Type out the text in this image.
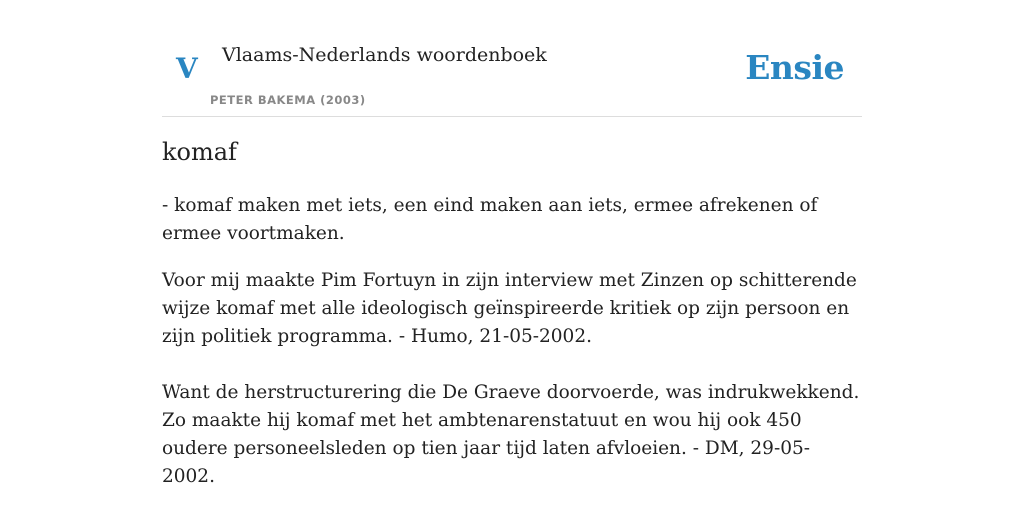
V Vlaams-Nederlands woordenboek
PETER BAKEMA (2003)
Ensie
komaf

- komaf maken met iets, een eind maken aan iets, ermee afrekenen of ermee voortmaken.

Voor mij maakte Pim Fortuyn in zijn interview met Zinzen op schitterende wijze komaf met alle ideologisch geïnspireerde kritiek op zijn persoon en zijn politiek programma. - Humo, 21-05-2002.

Want de herstructurering die De Graeve doorvoerde, was indrukwekkend. Zo maakte hij komaf met het ambtenarenstatuut en wou hij ook 450 oudere personeelsleden op tien jaar tijd laten afvloeien. - DM, 29-05-2002.
